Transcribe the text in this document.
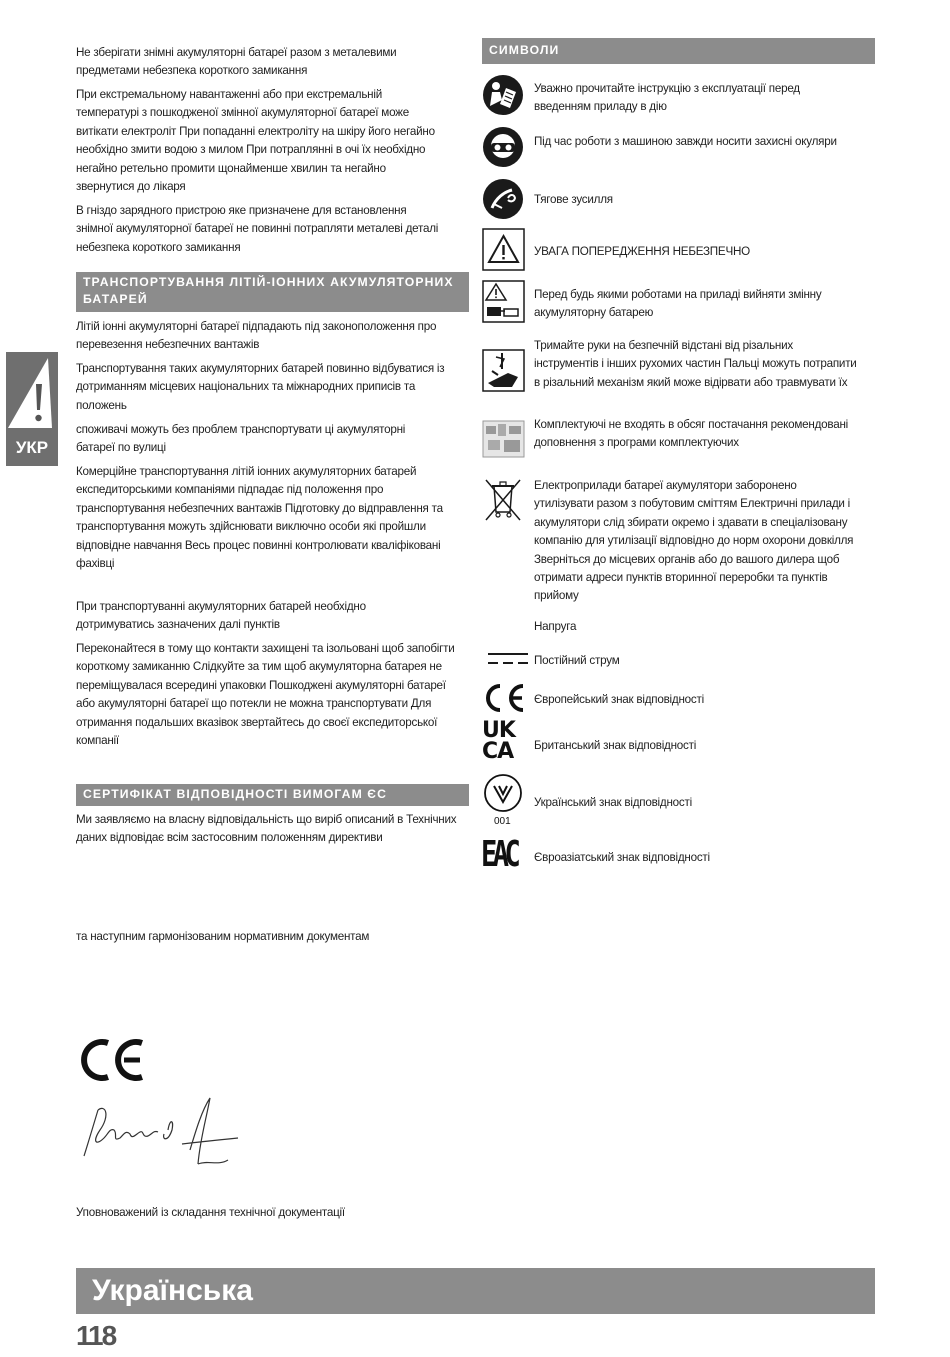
Не зберігати знімні акумуляторні батареї разом з металевими предметами небезпека короткого замикання

При екстремальному навантаженні або при екстремальній температурі з пошкодженої змінної акумуляторної батареї може витікати електроліт При попаданні електроліту на шкіру його негайно необхідно змити водою з милом При потраплянні в очі їх необхідно негайно ретельно промити щонайменше хвилин та негайно звернутися до лікаря

В гніздо зарядного пристрою яке призначене для встановлення знімної акумуляторної батареї не повинні потрапляти металеві деталі небезпека короткого замикання

ТРАНСПОРТУВАННЯ ЛІТІЙ-ІОННИХ АКУМУЛЯТОРНИХ БАТАРЕЙ

Літій іонні акумуляторні батареї підпадають під законоположення про перевезення небезпечних вантажів

Транспортування таких акумуляторних батарей повинно відбуватися із дотриманням місцевих національних та міжнародних приписів та положень

споживачі можуть без проблем транспортувати ці акумуляторні батареї по вулиці

Комерційне транспортування літій іонних акумуляторних батарей експедиторськими компаніями підпадає під положення про транспортування небезпечних вантажів Підготовку до відправлення та транспортування можуть здійснювати виключно особи які пройшли відповідне навчання Весь процес повинні контролювати кваліфіковані фахівці

При транспортуванні акумуляторних батарей необхідно дотримуватись зазначених далі пунктів

Переконайтеся в тому що контакти захищені та ізольовані щоб запобігти короткому замиканню Слідкуйте за тим щоб акумуляторна батарея не переміщувалася всередині упаковки Пошкоджені акумуляторні батареї або акумуляторні батареї що потекли не можна транспортувати Для отримання подальших вказівок звертайтесь до своєї експедиторської компанії

СЕРТИФІКАТ ВІДПОВІДНОСТІ ВИМОГАМ ЄС

Ми заявляємо на власну відповідальність що виріб описаний в Технічних даних відповідає всім застосовним положенням директиви

та наступним гармонізованим нормативним документам

Уповноважений із складання технічної документації

УКР
СИМВОЛИ
Уважно прочитайте інструкцію з експлуатації перед введенням приладу в дію
Під час роботи з машиною завжди носити захисні окуляри
Тягове зусилля
УВАГА ПОПЕРЕДЖЕННЯ НЕБЕЗПЕЧНО
Перед будь якими роботами на приладі вийняти змінну акумуляторну батарею
Тримайте руки на безпечній відстані від різальних інструментів і інших рухомих частин Пальці можуть потрапити в різальний механізм який може відірвати або травмувати їх
Комплектуючі не входять в обсяг постачання рекомендовані доповнення з програми комплектуючих
Електроприлади батареї акумулятори заборонено утилізувати разом з побутовим сміттям Електричні прилади і акумулятори слід збирати окремо і здавати в спеціалізовану компанію для утилізації відповідно до норм охорони довкілля Зверніться до місцевих органів або до вашого дилера щоб отримати адреси пунктів вторинної переробки та пунктів прийому
Напруга
Постійний струм
Європейський знак відповідності
UK
CA	Британський знак відповідності
001
Український знак відповідності
EAC Євроазіатський знак відповідності
Українська
118
